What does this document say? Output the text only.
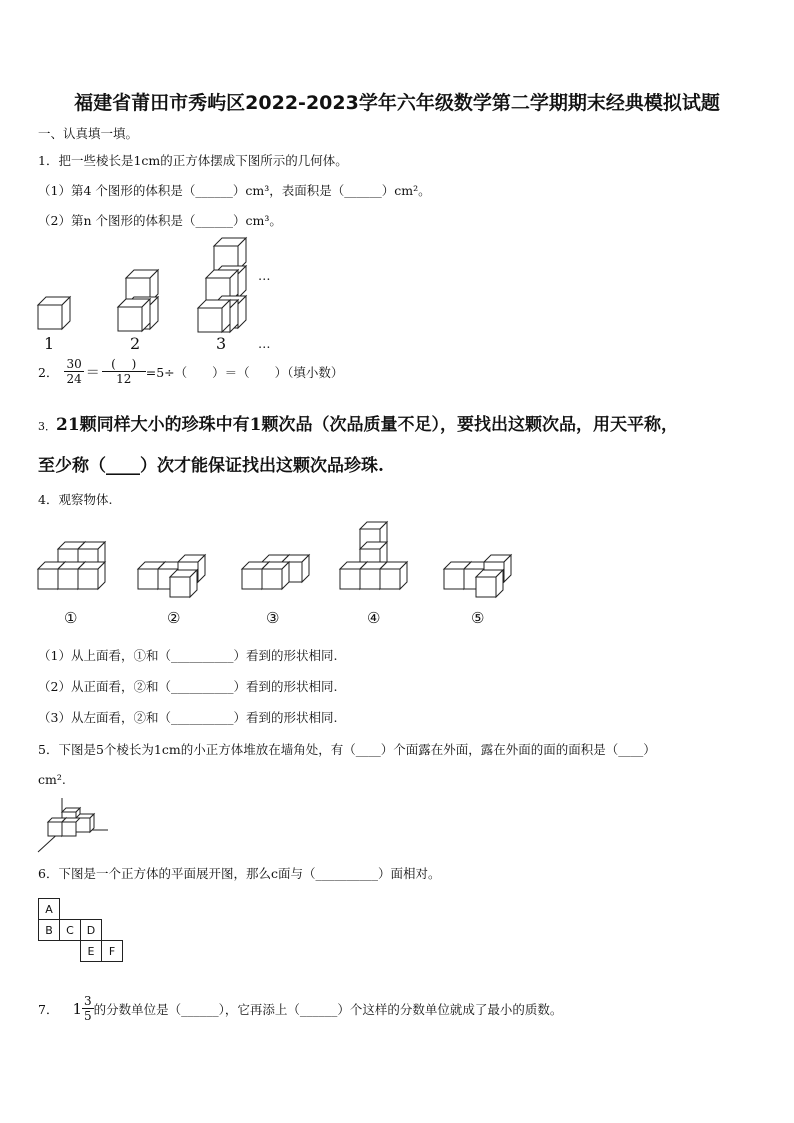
福建省莆田市秀屿区2022-2023学年六年级数学第二学期期末经典模拟试题
一、认真填一填。
1．把一些棱长是1cm的正方体摆成下图所示的几何体。
（1）第4 个图形的体积是（______）cm³，表面积是（______）cm²。
（2）第n 个图形的体积是（______）cm³。
1	2	3
…
…
2． $\frac{30}{24} = \frac{( )}{12} =5\div$（　　）＝（　　）（填小数）
3． 21颗同样大小的珍珠中有1颗次品（次品质量不足），要找出这颗次品，用天平称，
至少称（____）次才能保证找出这颗次品珍珠.
4．观察物体.
①	②	③	④	⑤
（1）从上面看，①和（__________）看到的形状相同.
（2）从正面看，②和（__________）看到的形状相同.
（3）从左面看，②和（__________）看到的形状相同.
5．下图是5个棱长为1cm的小正方体堆放在墙角处，有（____）个面露在外面，露在外面的面的面积是（____）
cm².
6．下图是一个正方体的平面展开图，那么c面与（__________）面相对。
A			
B	C	D	
		E	F
7． $1 \frac{3}{5}$ 的分数单位是（______），它再添上（______）个这样的分数单位就成了最小的质数。
